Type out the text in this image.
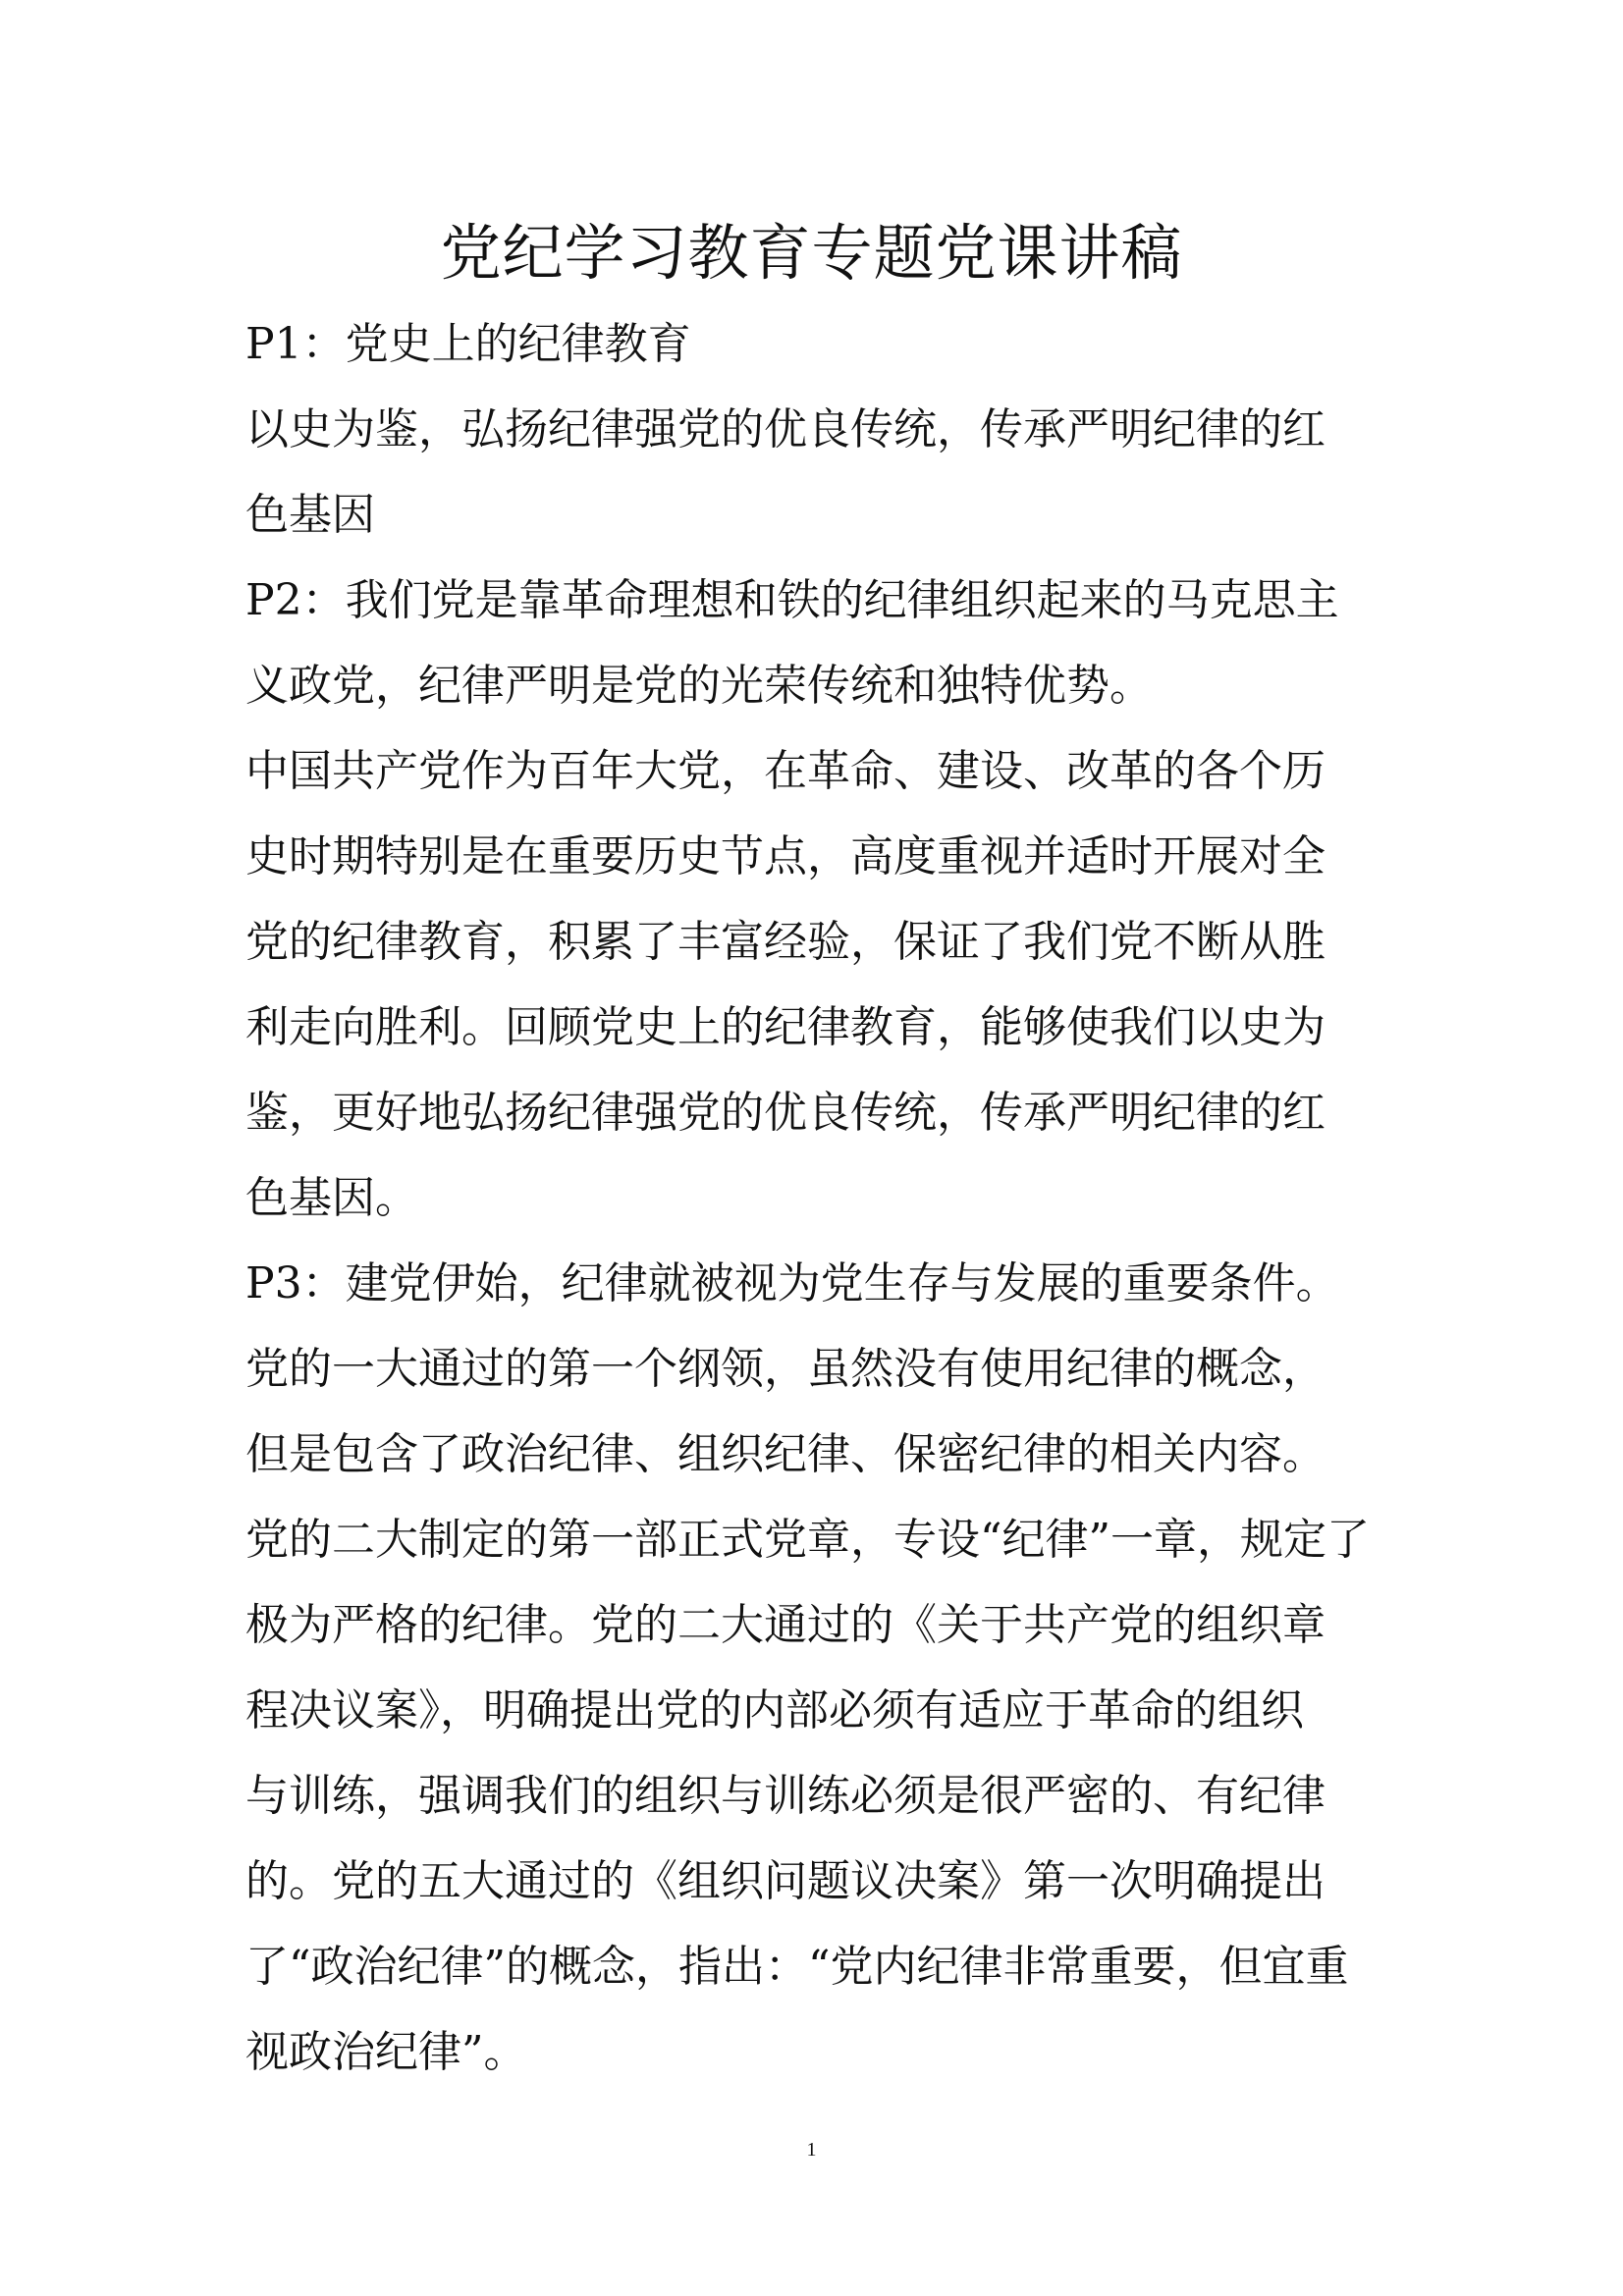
党纪学习教育专题党课讲稿
P1：党史上的纪律教育
以史为鉴，弘扬纪律强党的优良传统，传承严明纪律的红
色基因
P2：我们党是靠革命理想和铁的纪律组织起来的马克思主
义政党，纪律严明是党的光荣传统和独特优势。
中国共产党作为百年大党，在革命、建设、改革的各个历
史时期特别是在重要历史节点，高度重视并适时开展对全
党的纪律教育，积累了丰富经验，保证了我们党不断从胜
利走向胜利。回顾党史上的纪律教育，能够使我们以史为
鉴，更好地弘扬纪律强党的优良传统，传承严明纪律的红
色基因。
P3：建党伊始，纪律就被视为党生存与发展的重要条件。
党的一大通过的第一个纲领，虽然没有使用纪律的概念，
但是包含了政治纪律、组织纪律、保密纪律的相关内容。
党的二大制定的第一部正式党章，专设“纪律”一章，规定了
极为严格的纪律。党的二大通过的《关于共产党的组织章
程决议案》，明确提出党的内部必须有适应于革命的组织
与训练，强调我们的组织与训练必须是很严密的、有纪律
的。党的五大通过的《组织问题议决案》第一次明确提出
了“政治纪律”的概念，指出：“党内纪律非常重要，但宜重
视政治纪律”。
1
